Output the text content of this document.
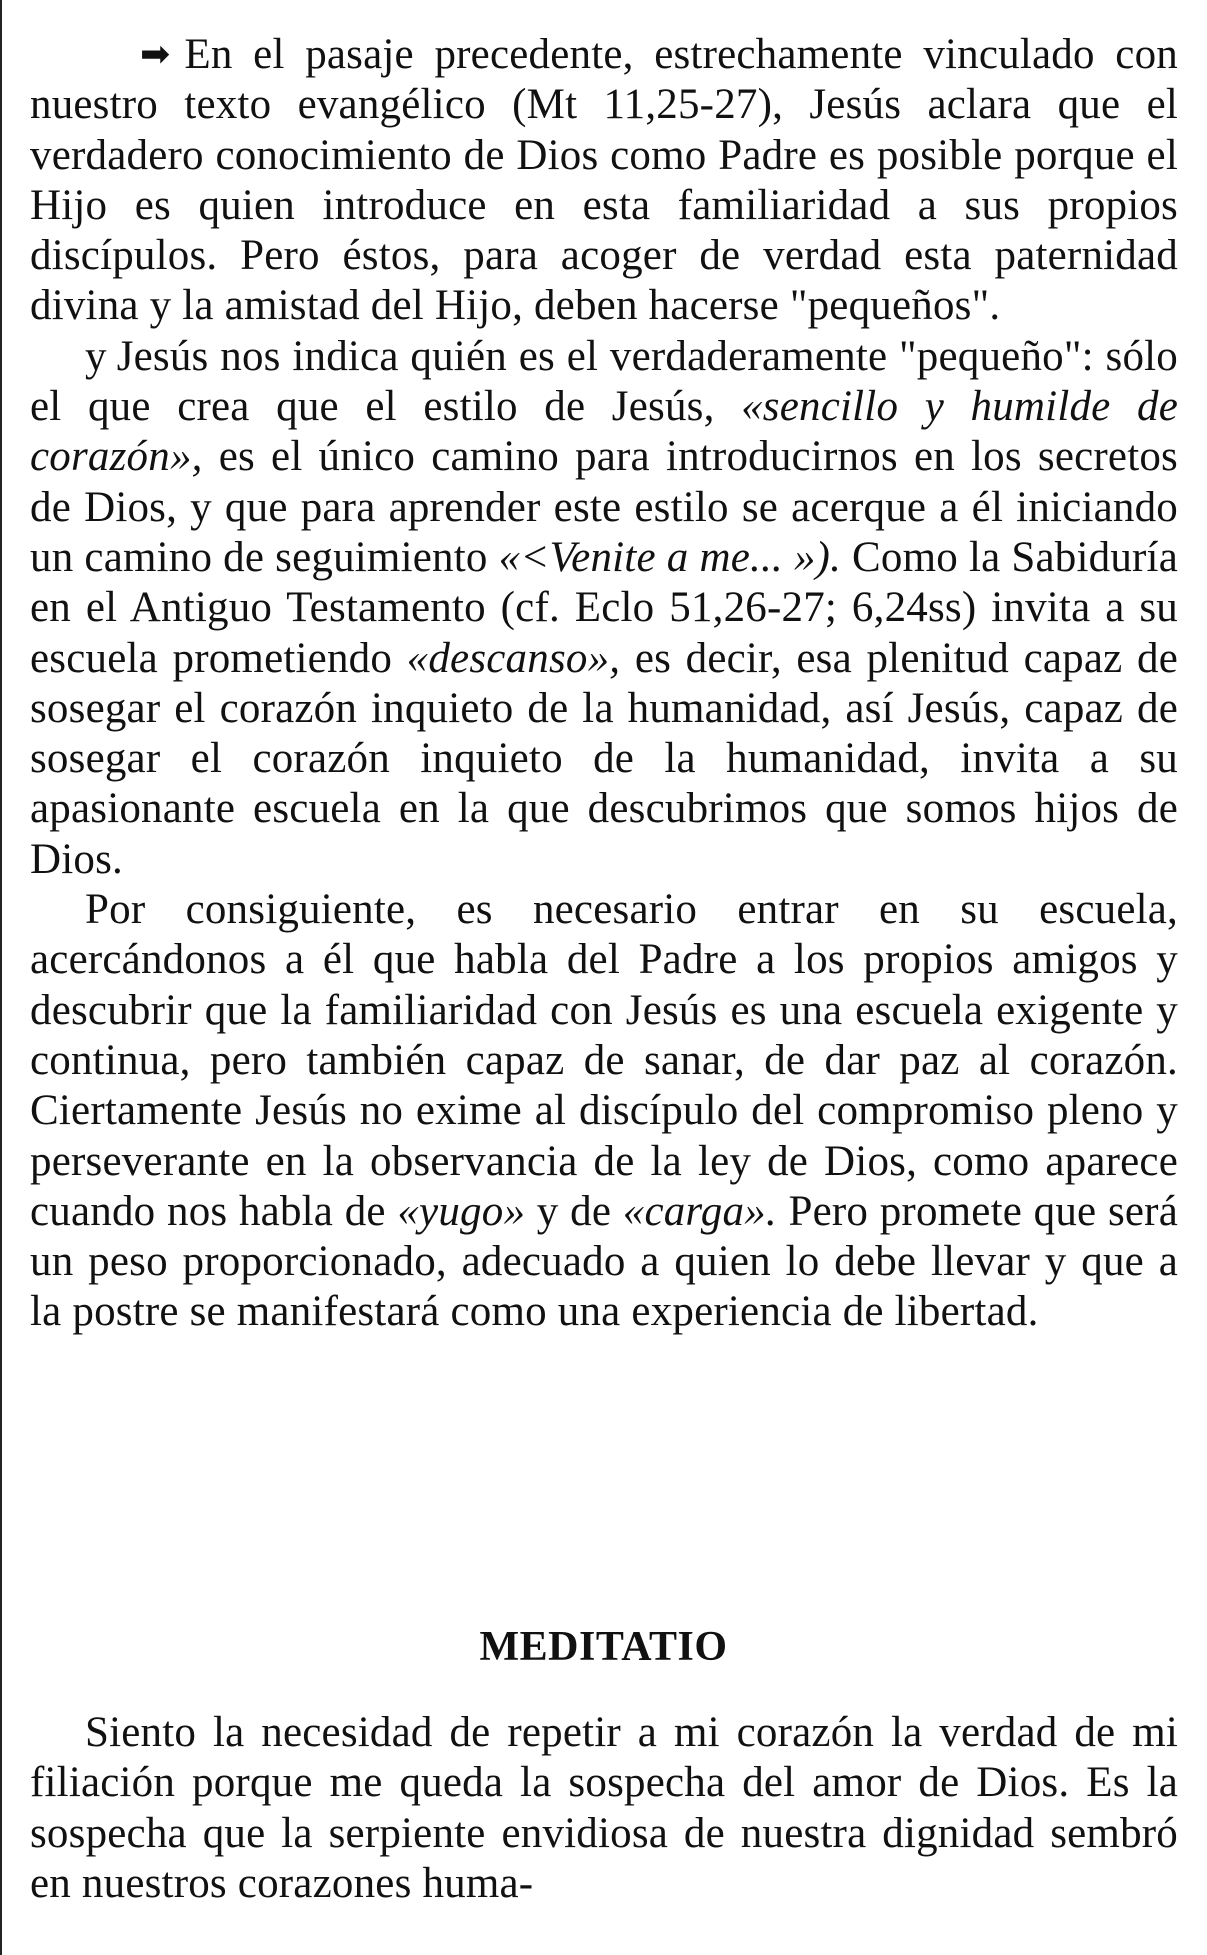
➡ En el pasaje precedente, estrechamente vinculado con nuestro texto evangélico (Mt 11,25-27), Jesús aclara que el verdadero conocimiento de Dios como Padre es posible porque el Hijo es quien introduce en esta familiaridad a sus propios discípulos. Pero éstos, para acoger de verdad esta paternidad divina y la amistad del Hijo, deben hacerse "pequeños".

y Jesús nos indica quién es el verdaderamente "pequeño": sólo el que crea que el estilo de Jesús, «sencillo y humilde de corazón», es el único camino para introducirnos en los secretos de Dios, y que para aprender este estilo se acerque a él iniciando un camino de seguimiento «<Venite a me... »). Como la Sabiduría en el Antiguo Testamento (cf. Eclo 51,26-27; 6,24ss) invita a su escuela prometiendo «descanso», es decir, esa plenitud capaz de sosegar el corazón inquieto de la humanidad, así Jesús, capaz de sosegar el corazón inquieto de la humanidad, invita a su apasionante escuela en la que descubrimos que somos hijos de Dios.

Por consiguiente, es necesario entrar en su escuela, acercándonos a él que habla del Padre a los propios amigos y descubrir que la familiaridad con Jesús es una escuela exigente y continua, pero también capaz de sanar, de dar paz al corazón. Ciertamente Jesús no exime al discípulo del compromiso pleno y perseverante en la observancia de la ley de Dios, como aparece cuando nos habla de «yugo» y de «carga». Pero promete que será un peso proporcionado, adecuado a quien lo debe llevar y que a la postre se manifestará como una experiencia de libertad.

MEDITATIO

Siento la necesidad de repetir a mi corazón la verdad de mi filiación porque me queda la sospecha del amor de Dios. Es la sospecha que la serpiente envidiosa de nuestra dignidad sembró en nuestros corazones huma-
